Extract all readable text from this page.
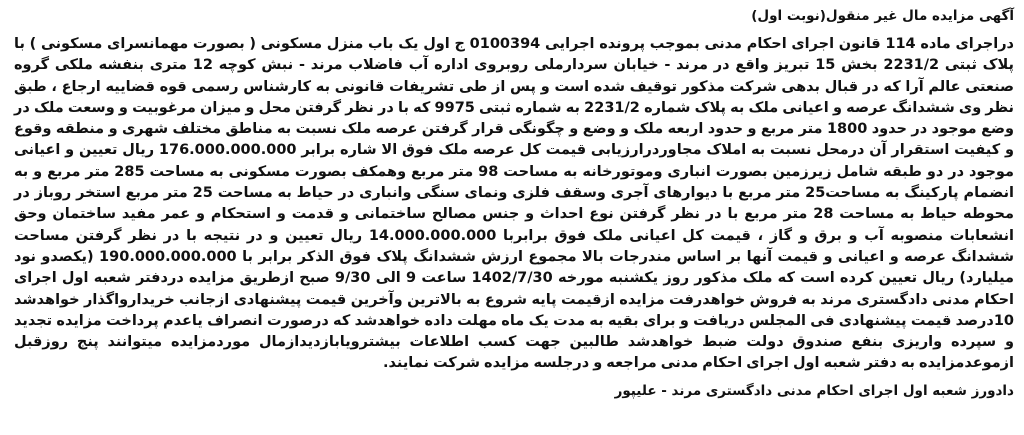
آگهی مزایده مال غیر منقول(نوبت اول)
دراجرای ماده 114 قانون اجرای احکام مدنی بموجب پرونده اجرایی 0100394 ج اول یک باب منزل مسکونی ( بصورت مهمانسرای مسکونی ) با پلاک ثبتی 2231/2 بخش 15 تبریز واقع در مرند - خیابان سردارملی روبروی اداره آب فاضلاب مرند - نبش کوچه 12 متری بنفشه ملکی گروه صنعتی عالم آرا که در قبال بدهی شرکت مذکور توقیف شده است و پس از طی تشریفات قانونی به کارشناس رسمی قوه قضاییه ارجاع ، طبق نظر وی ششدانگ عرصه و اعیانی ملک به پلاک شماره 2231/2 به شماره ثبتی 9975 که با در نظر گرفتن محل و میزان مرغوبیت و وسعت ملک در وضع موجود در حدود 1800 متر مربع و حدود اربعه ملک و وضع و چگونگی قرار گرفتن عرصه ملک نسبت به مناطق مختلف شهری و منطقه وقوع و کیفیت استقرار آن درمحل نسبت به املاک مجاوردرارزیابی قیمت کل عرصه ملک فوق الا شاره برابر 176.000.000.000 ریال تعیین و اعیانی موجود در دو طبقه شامل زیرزمین بصورت انباری وموتورخانه به مساحت 98 متر مربع وهمکف بصورت مسکونی به مساحت 285 متر مربع و به انضمام پارکینگ به مساحت25 متر مربع با دیوارهای آجری وسقف فلزی ونمای سنگی وانباری در حیاط به مساحت 25 متر مربع استخر روباز در محوطه حیاط به مساحت 28 متر مربع با در نظر گرفتن نوع احداث و جنس مصالح ساختمانی و قدمت و استحکام و عمر مفید ساختمان وحق انشعابات منصوبه آب و برق و گاز ، قیمت کل اعیانی ملک فوق برابربا 14.000.000.000 ریال تعیین و در نتیجه با در نظر گرفتن مساحت ششدانگ عرصه و اعیانی و قیمت آنها بر اساس مندرجات بالا مجموع ارزش ششدانگ پلاک فوق الذکر برابر با 190.000.000.000 (یکصدو نود میلیارد) ریال تعیین کرده است که ملک مذکور روز یکشنبه مورخه 1402/7/30 ساعت 9 الی 9/30 صبح ازطریق مزایده دردفتر شعبه اول اجرای احکام مدنی دادگستری مرند به فروش خواهدرفت مزایده ازقیمت پایه شروع به بالاترین وآخرین قیمت پیشنهادی ازجانب خریدارواگذار خواهدشد 10درصد قیمت پیشنهادی فی المجلس دریافت و برای بقیه به مدت یک ماه مهلت داده خواهدشد که درصورت انصراف یاعدم پرداخت مزایده تجدید و سپرده واریزی بنفع صندوق دولت ضبط خواهدشد طالبین جهت کسب اطلاعات بیشترویابازدیدازمال موردمزایده میتوانند پنج روزقبل ازموعدمزایده به دفتر شعبه اول اجرای احکام مدنی مراجعه و درجلسه مزایده شرکت نمایند.
دادورز شعبه اول اجرای احکام مدنی دادگستری مرند - علیپور
